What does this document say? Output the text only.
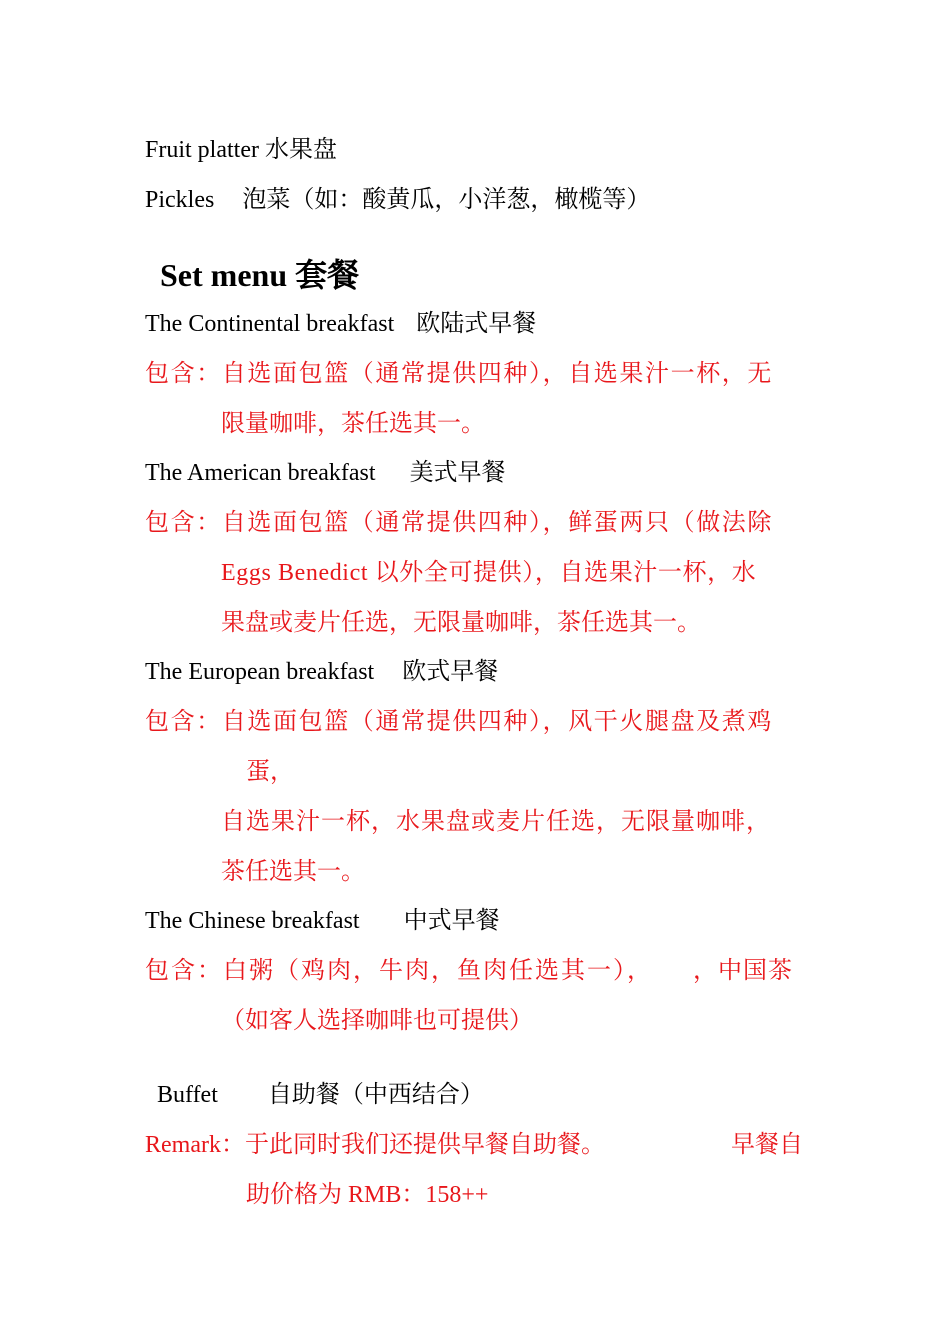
Fruit platter 水果盘
Pickles 泡菜（如：酸黄瓜，小洋葱，橄榄等）
Set menu 套餐
The Continental breakfast 欧陆式早餐
包含：自选面包篮（通常提供四种），自选果汁一杯，无
限量咖啡，茶任选其一。
The American breakfast 美式早餐
包含：自选面包篮（通常提供四种），鲜蛋两只（做法除
Eggs Benedict 以外全可提供），自选果汁一杯，水
果盘或麦片任选，无限量咖啡，茶任选其一。
The European breakfast 欧式早餐
包含：自选面包篮（通常提供四种），风干火腿盘及煮鸡
蛋，
自选果汁一杯，水果盘或麦片任选，无限量咖啡，
茶任选其一。
The Chinese breakfast 中式早餐
包含：白粥（鸡肉，牛肉，鱼肉任选其一）， ，中国茶
（如客人选择咖啡也可提供）
Buffet 自助餐（中西结合）
Remark：于此同时我们还提供早餐自助餐。	早餐自
助价格为 RMB：158++
